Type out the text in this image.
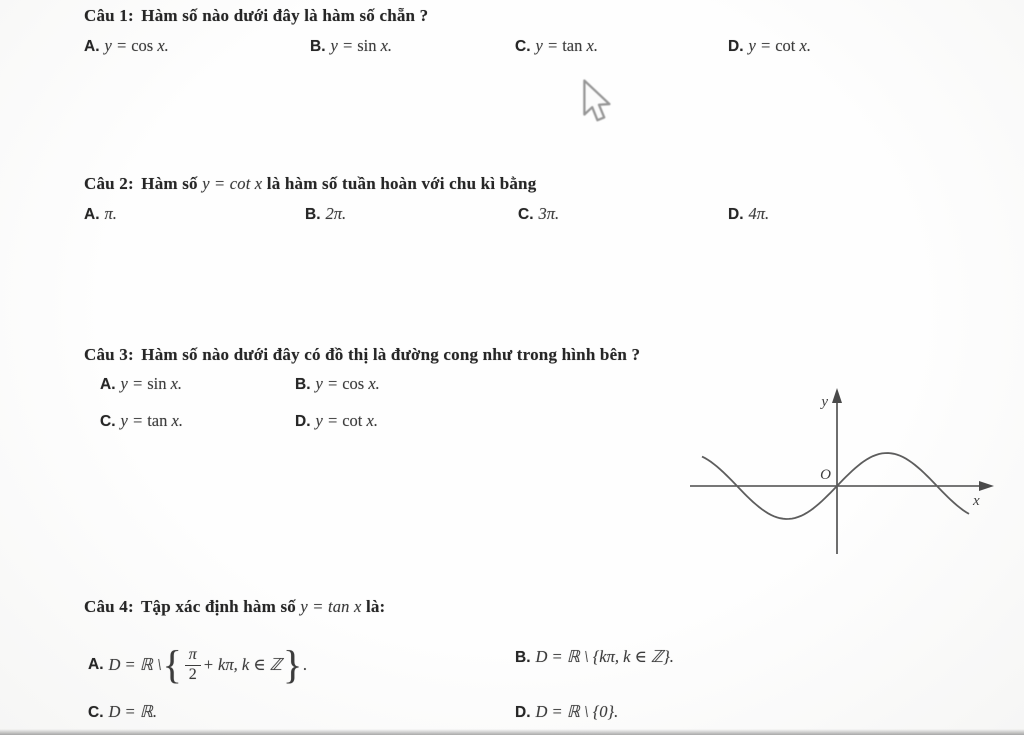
Câu 1: Hàm số nào dưới đây là hàm số chẵn ?
A. y = cos x.	B. y = sin x.	C. y = tan x.	D. y = cot x.
Câu 2: Hàm số y = cot x là hàm số tuần hoàn với chu kì bằng
A. π.	B. 2π.	C. 3π.	D. 4π.
Câu 3: Hàm số nào dưới đây có đồ thị là đường cong như trong hình bên ?
A. y = sin x.	B. y = cos x.
C. y = tan x.	D. y = cot x.
y
x
O
Câu 4: Tập xác định hàm số y = tan x là:
A. D = ℝ \ { $\frac{\pi}{2} + k\pi$, k ∈ ℤ } .	B. D = ℝ \ {kπ, k ∈ ℤ}.
C. D = ℝ.	D. D = ℝ \ {0}.
